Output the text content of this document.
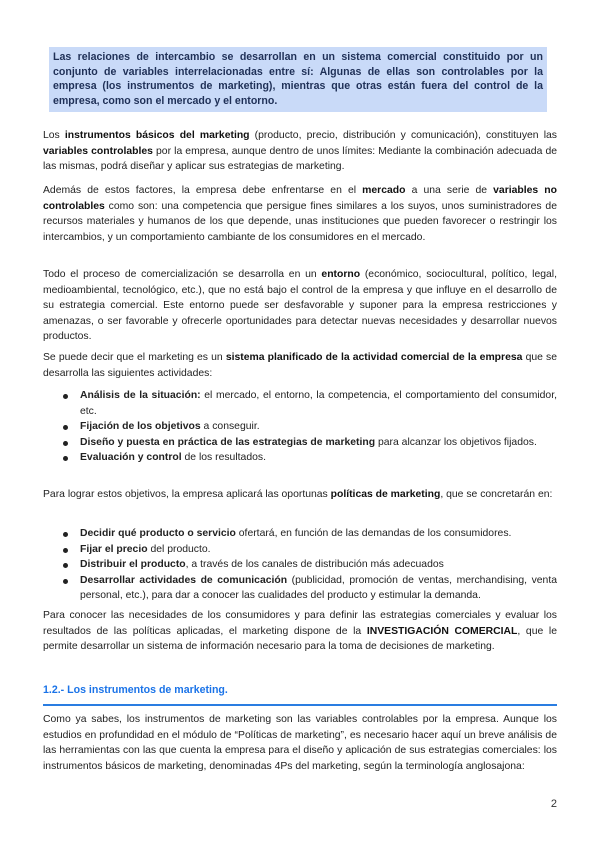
Las relaciones de intercambio se desarrollan en un sistema comercial constituido por un conjunto de variables interrelacionadas entre sí: Algunas de ellas son controlables por la empresa (los instrumentos de marketing), mientras que otras están fuera del control de la empresa, como son el mercado y el entorno.
Los instrumentos básicos del marketing (producto, precio, distribución y comunicación), constituyen las variables controlables por la empresa, aunque dentro de unos límites: Mediante la combinación adecuada de las mismas, podrá diseñar y aplicar sus estrategias de marketing.
Además de estos factores, la empresa debe enfrentarse en el mercado a una serie de variables no controlables como son: una competencia que persigue fines similares a los suyos, unos suministradores de recursos materiales y humanos de los que depende, unas instituciones que pueden favorecer o restringir los intercambios, y un comportamiento cambiante de los consumidores en el mercado.
Todo el proceso de comercialización se desarrolla en un entorno (económico, sociocultural, político, legal, medioambiental, tecnológico, etc.), que no está bajo el control de la empresa y que influye en el desarrollo de su estrategia comercial. Este entorno puede ser desfavorable y suponer para la empresa restricciones y amenazas, o ser favorable y ofrecerle oportunidades para detectar nuevas necesidades y desarrollar nuevos productos.
Se puede decir que el marketing es un sistema planificado de la actividad comercial de la empresa que se desarrolla las siguientes actividades:
Análisis de la situación: el mercado, el entorno, la competencia, el comportamiento del consumidor, etc.
Fijación de los objetivos a conseguir.
Diseño y puesta en práctica de las estrategias de marketing para alcanzar los objetivos fijados.
Evaluación y control de los resultados.
Para lograr estos objetivos, la empresa aplicará las oportunas políticas de marketing, que se concretarán en:
Decidir qué producto o servicio ofertará, en función de las demandas de los consumidores.
Fijar el precio del producto.
Distribuir el producto, a través de los canales de distribución más adecuados
Desarrollar actividades de comunicación (publicidad, promoción de ventas, merchandising, venta personal, etc.), para dar a conocer las cualidades del producto y estimular la demanda.
Para conocer las necesidades de los consumidores y para definir las estrategias comerciales y evaluar los resultados de las políticas aplicadas, el marketing dispone de la INVESTIGACIÓN COMERCIAL, que le permite desarrollar un sistema de información necesario para la toma de decisiones de marketing.
1.2.- Los instrumentos de marketing.
Como ya sabes, los instrumentos de marketing son las variables controlables por la empresa. Aunque los estudios en profundidad en el módulo de “Políticas de marketing”, es necesario hacer aquí un breve análisis de las herramientas con las que cuenta la empresa para el diseño y aplicación de sus estrategias comerciales: los instrumentos básicos de marketing, denominadas 4Ps del marketing, según la terminología anglosajona:
2
